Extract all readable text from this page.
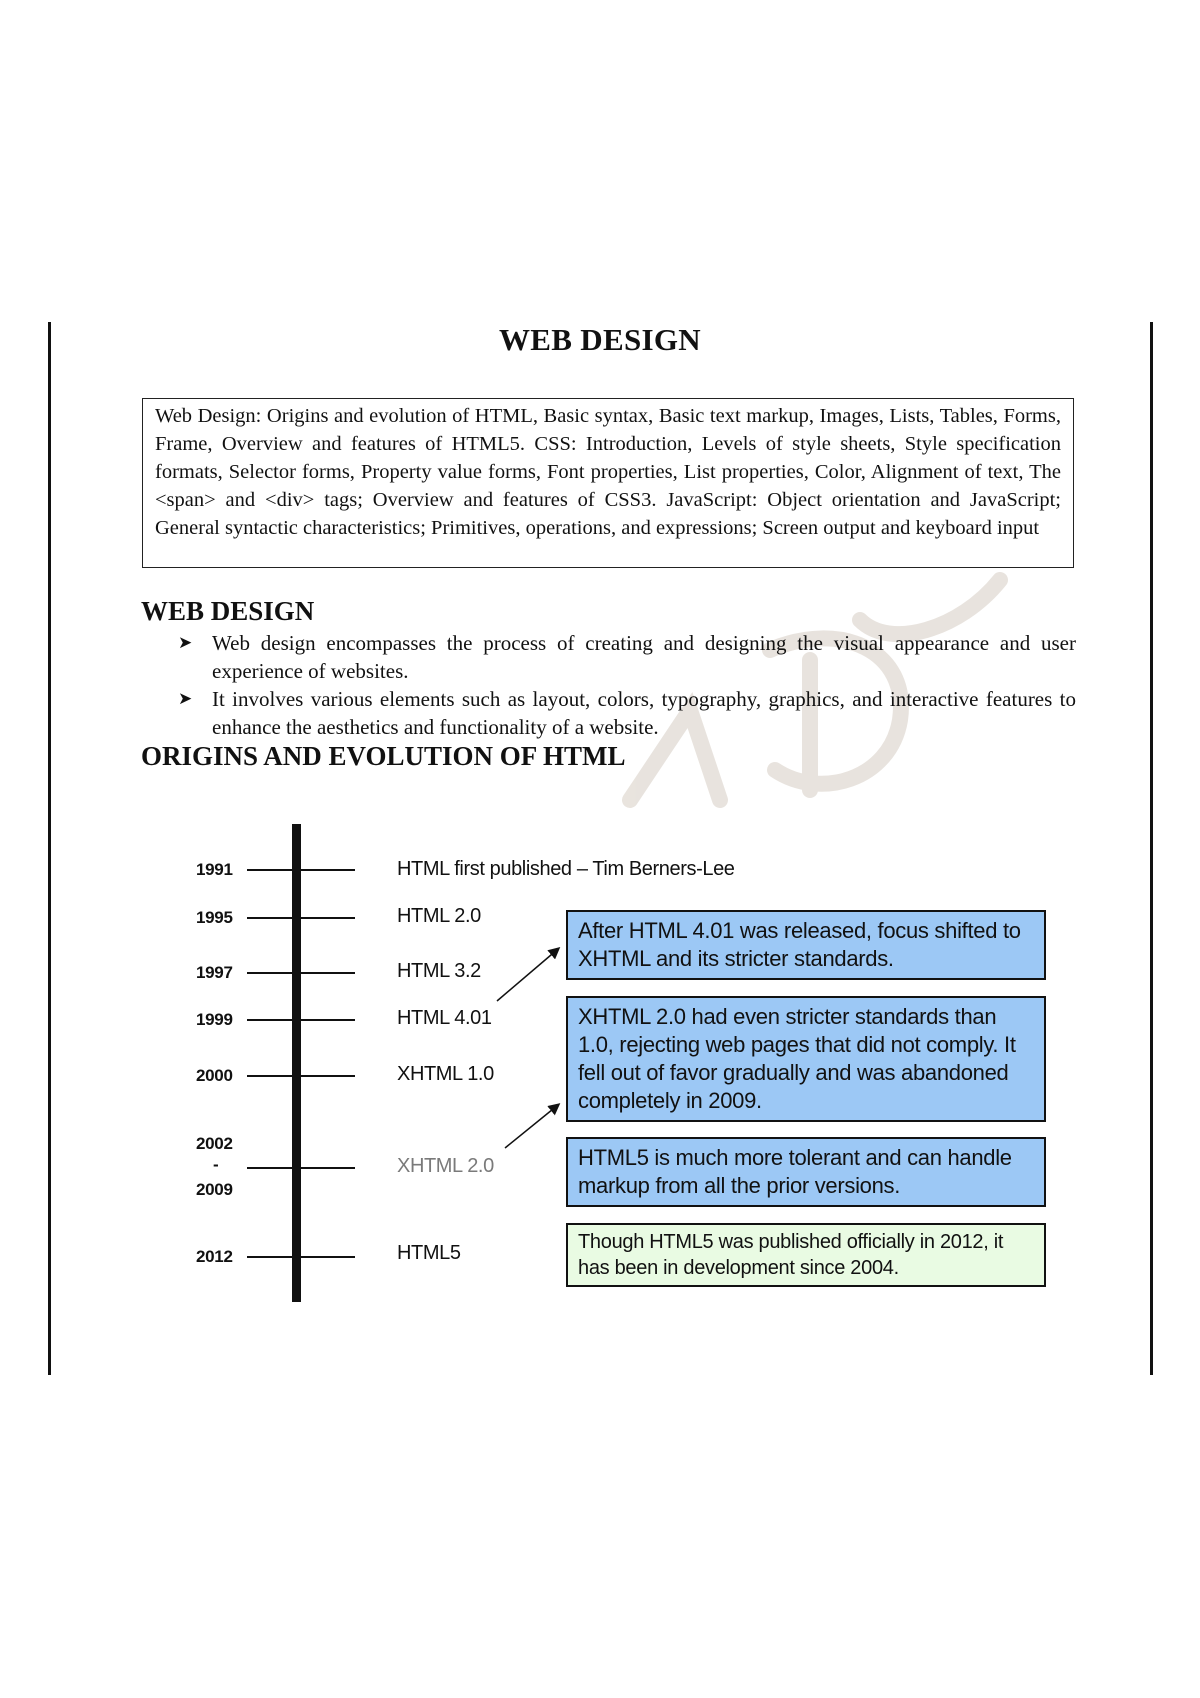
WEB DESIGN
Web Design: Origins and evolution of HTML, Basic syntax, Basic text markup, Images, Lists, Tables, Forms, Frame, Overview and features of HTML5. CSS: Introduction, Levels of style sheets, Style specification formats, Selector forms, Property value forms, Font properties, List properties, Color, Alignment of text, The <span> and <div> tags; Overview and features of CSS3. JavaScript: Object orientation and JavaScript; General syntactic characteristics; Primitives, operations, and expressions; Screen output and keyboard input
WEB DESIGN

➤ Web design encompasses the process of creating and designing the visual appearance and user experience of websites.

➤ It involves various elements such as layout, colors, typography, graphics, and interactive features to enhance the aesthetics and functionality of a website.

ORIGINS AND EVOLUTION OF HTML
1991
1995
1997
1999
2000
2002
-
2009
2012
HTML first published – Tim Berners-Lee
HTML 2.0
HTML 3.2
HTML 4.01
XHTML 1.0
XHTML 2.0
HTML5
After HTML 4.01 was released, focus shifted to XHTML and its stricter standards.
XHTML 2.0 had even stricter standards than 1.0, rejecting web pages that did not comply. It fell out of favor gradually and was abandoned completely in 2009.
HTML5 is much more tolerant and can handle markup from all the prior versions.
Though HTML5 was published officially in 2012, it has been in development since 2004.
